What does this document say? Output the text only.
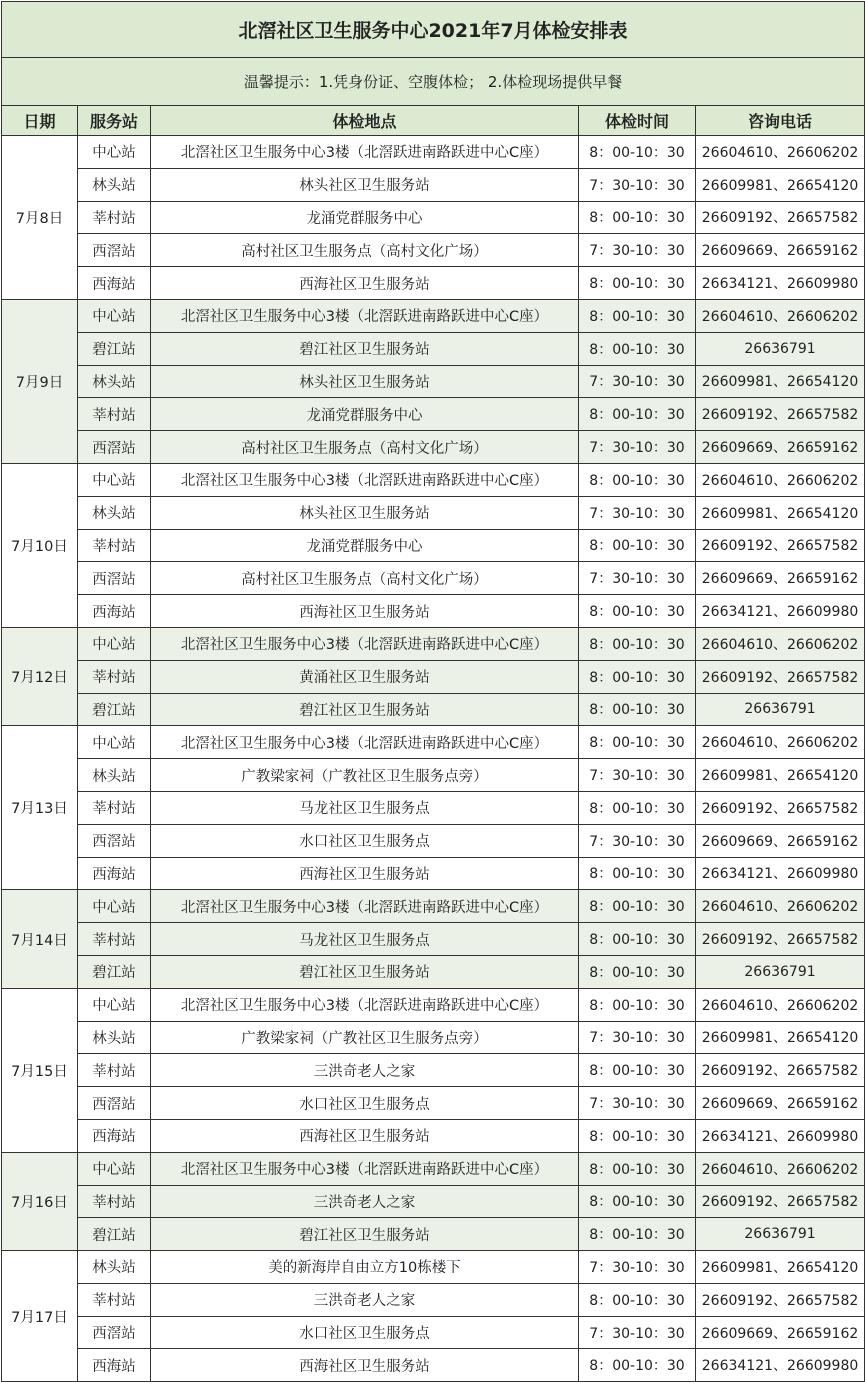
北滘社区卫生服务中心2021年7月体检安排表				
温馨提示：1.凭身份证、空腹体检； 2.体检现场提供早餐				
日期	服务站	体检地点	体检时间	咨询电话
7月8日	中心站	北滘社区卫生服务中心3楼（北滘跃进南路跃进中心C座）	8：00-10：30	26604610、26606202
	林头站	林头社区卫生服务站	7：30-10：30	26609981、26654120
	莘村站	龙涌党群服务中心	8：00-10：30	26609192、26657582
	西滘站	高村社区卫生服务点（高村文化广场）	7：30-10：30	26609669、26659162
	西海站	西海社区卫生服务站	8：00-10：30	26634121、26609980
7月9日	中心站	北滘社区卫生服务中心3楼（北滘跃进南路跃进中心C座）	8：00-10：30	26604610、26606202
	碧江站	碧江社区卫生服务站	8：00-10：30	26636791
	林头站	林头社区卫生服务站	7：30-10：30	26609981、26654120
	莘村站	龙涌党群服务中心	8：00-10：30	26609192、26657582
	西滘站	高村社区卫生服务点（高村文化广场）	7：30-10：30	26609669、26659162
7月10日	中心站	北滘社区卫生服务中心3楼（北滘跃进南路跃进中心C座）	8：00-10：30	26604610、26606202
	林头站	林头社区卫生服务站	7：30-10：30	26609981、26654120
	莘村站	龙涌党群服务中心	8：00-10：30	26609192、26657582
	西滘站	高村社区卫生服务点（高村文化广场）	7：30-10：30	26609669、26659162
	西海站	西海社区卫生服务站	8：00-10：30	26634121、26609980
7月12日	中心站	北滘社区卫生服务中心3楼（北滘跃进南路跃进中心C座）	8：00-10：30	26604610、26606202
	莘村站	黄涌社区卫生服务站	8：00-10：30	26609192、26657582
	碧江站	碧江社区卫生服务站	8：00-10：30	26636791
7月13日	中心站	北滘社区卫生服务中心3楼（北滘跃进南路跃进中心C座）	8：00-10：30	26604610、26606202
	林头站	广教梁家祠（广教社区卫生服务点旁）	7：30-10：30	26609981、26654120
	莘村站	马龙社区卫生服务点	8：00-10：30	26609192、26657582
	西滘站	水口社区卫生服务点	7：30-10：30	26609669、26659162
	西海站	西海社区卫生服务站	8：00-10：30	26634121、26609980
7月14日	中心站	北滘社区卫生服务中心3楼（北滘跃进南路跃进中心C座）	8：00-10：30	26604610、26606202
	莘村站	马龙社区卫生服务点	8：00-10：30	26609192、26657582
	碧江站	碧江社区卫生服务站	8：00-10：30	26636791
7月15日	中心站	北滘社区卫生服务中心3楼（北滘跃进南路跃进中心C座）	8：00-10：30	26604610、26606202
	林头站	广教梁家祠（广教社区卫生服务点旁）	7：30-10：30	26609981、26654120
	莘村站	三洪奇老人之家	8：00-10：30	26609192、26657582
	西滘站	水口社区卫生服务点	7：30-10：30	26609669、26659162
	西海站	西海社区卫生服务站	8：00-10：30	26634121、26609980
7月16日	中心站	北滘社区卫生服务中心3楼（北滘跃进南路跃进中心C座）	8：00-10：30	26604610、26606202
	莘村站	三洪奇老人之家	8：00-10：30	26609192、26657582
	碧江站	碧江社区卫生服务站	8：00-10：30	26636791
7月17日	林头站	美的新海岸自由立方10栋楼下	7：30-10：30	26609981、26654120
	莘村站	三洪奇老人之家	8：00-10：30	26609192、26657582
	西滘站	水口社区卫生服务点	7：30-10：30	26609669、26659162
	西海站	西海社区卫生服务站	8：00-10：30	26634121、26609980
